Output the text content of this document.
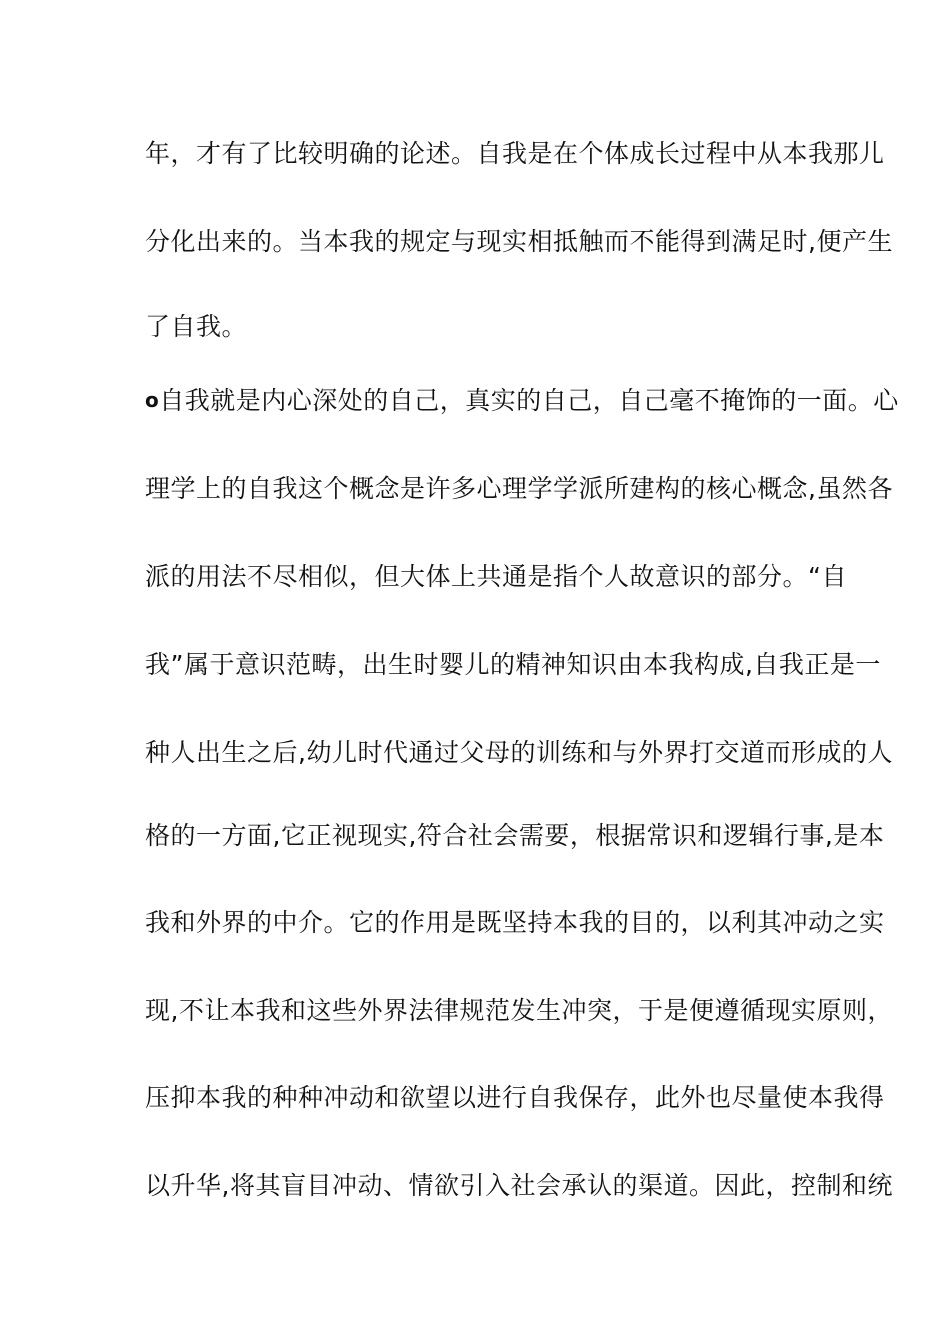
年，才有了比较明确的论述。自我是在个体成长过程中从本我那儿
分化出来的。当本我的规定与现实相抵触而不能得到满足时,便产生
了自我。
o自我就是内心深处的自己，真实的自己，自己毫不掩饰的一面。心
理学上的自我这个概念是许多心理学学派所建构的核心概念,虽然各
派的用法不尽相似，但大体上共通是指个人故意识的部分。“自
我”属于意识范畴，出生时婴儿的精神知识由本我构成,自我正是一
种人出生之后,幼儿时代通过父母的训练和与外界打交道而形成的人
格的一方面,它正视现实,符合社会需要，根据常识和逻辑行事,是本
我和外界的中介。它的作用是既坚持本我的目的，以利其冲动之实
现,不让本我和这些外界法律规范发生冲突，于是便遵循现实原则，
压抑本我的种种冲动和欲望以进行自我保存，此外也尽量使本我得
以升华,将其盲目冲动、情欲引入社会承认的渠道。因此，控制和统
